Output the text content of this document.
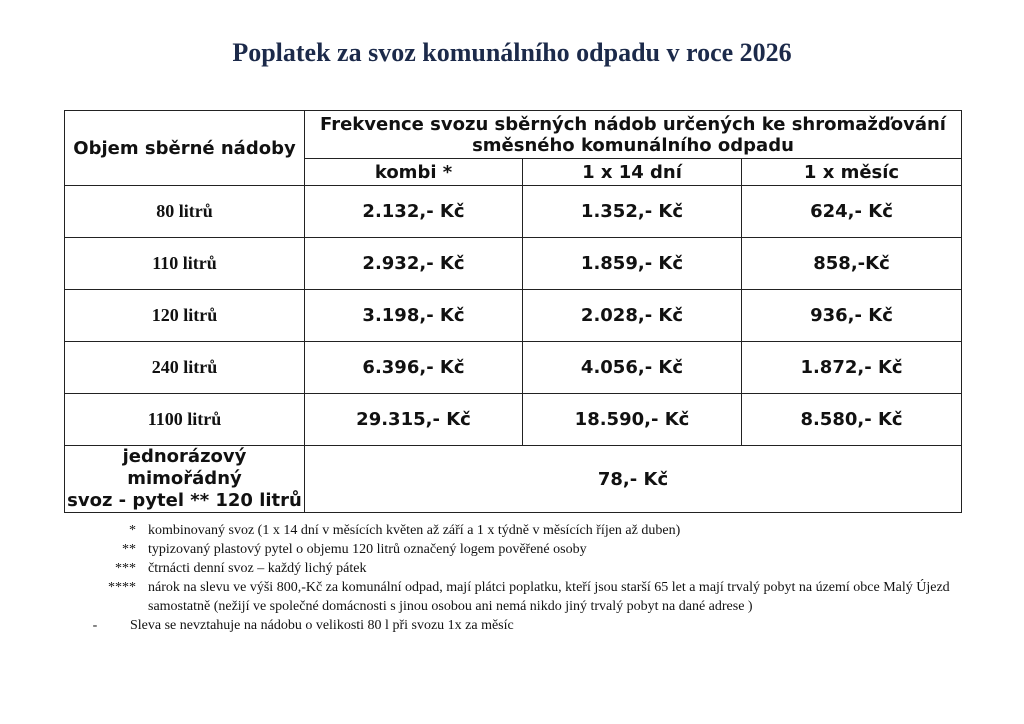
Poplatek za svoz komunálního odpadu v roce 2026
Objem sběrné nádoby	Frekvence svozu sběrných nádob určených ke shromažďování
směsného komunálního odpadu		

	kombi *	1 x 14 dní	1 x měsíc
80 litrů	2.132,- Kč	1.352,- Kč	624,- Kč
110 litrů	2.932,- Kč	1.859,- Kč	858,-Kč
120 litrů	3.198,- Kč	2.028,- Kč	936,- Kč
240 litrů	6.396,- Kč	4.056,- Kč	1.872,- Kč
1100 litrů	29.315,- Kč	18.590,- Kč	8.580,- Kč

jednorázový mimořádný
svoz - pytel ** 120 litrů	78,- Kč		
* kombinovaný svoz (1 x 14 dní v měsících květen až září a 1 x týdně v měsících říjen až duben)
** typizovaný plastový pytel o objemu 120 litrů označený logem pověřené osoby
*** čtrnácti denní svoz – každý lichý pátek
**** nárok na slevu ve výši 800,-Kč za komunální odpad, mají plátci poplatku, kteří jsou starší 65 let a mají trvalý pobyt na území obce Malý Újezd samostatně (nežijí ve společné domácnosti s jinou osobou ani nemá nikdo jiný trvalý pobyt na dané adrese )
-	Sleva se nevztahuje na nádobu o velikosti 80 l při svozu 1x za měsíc
